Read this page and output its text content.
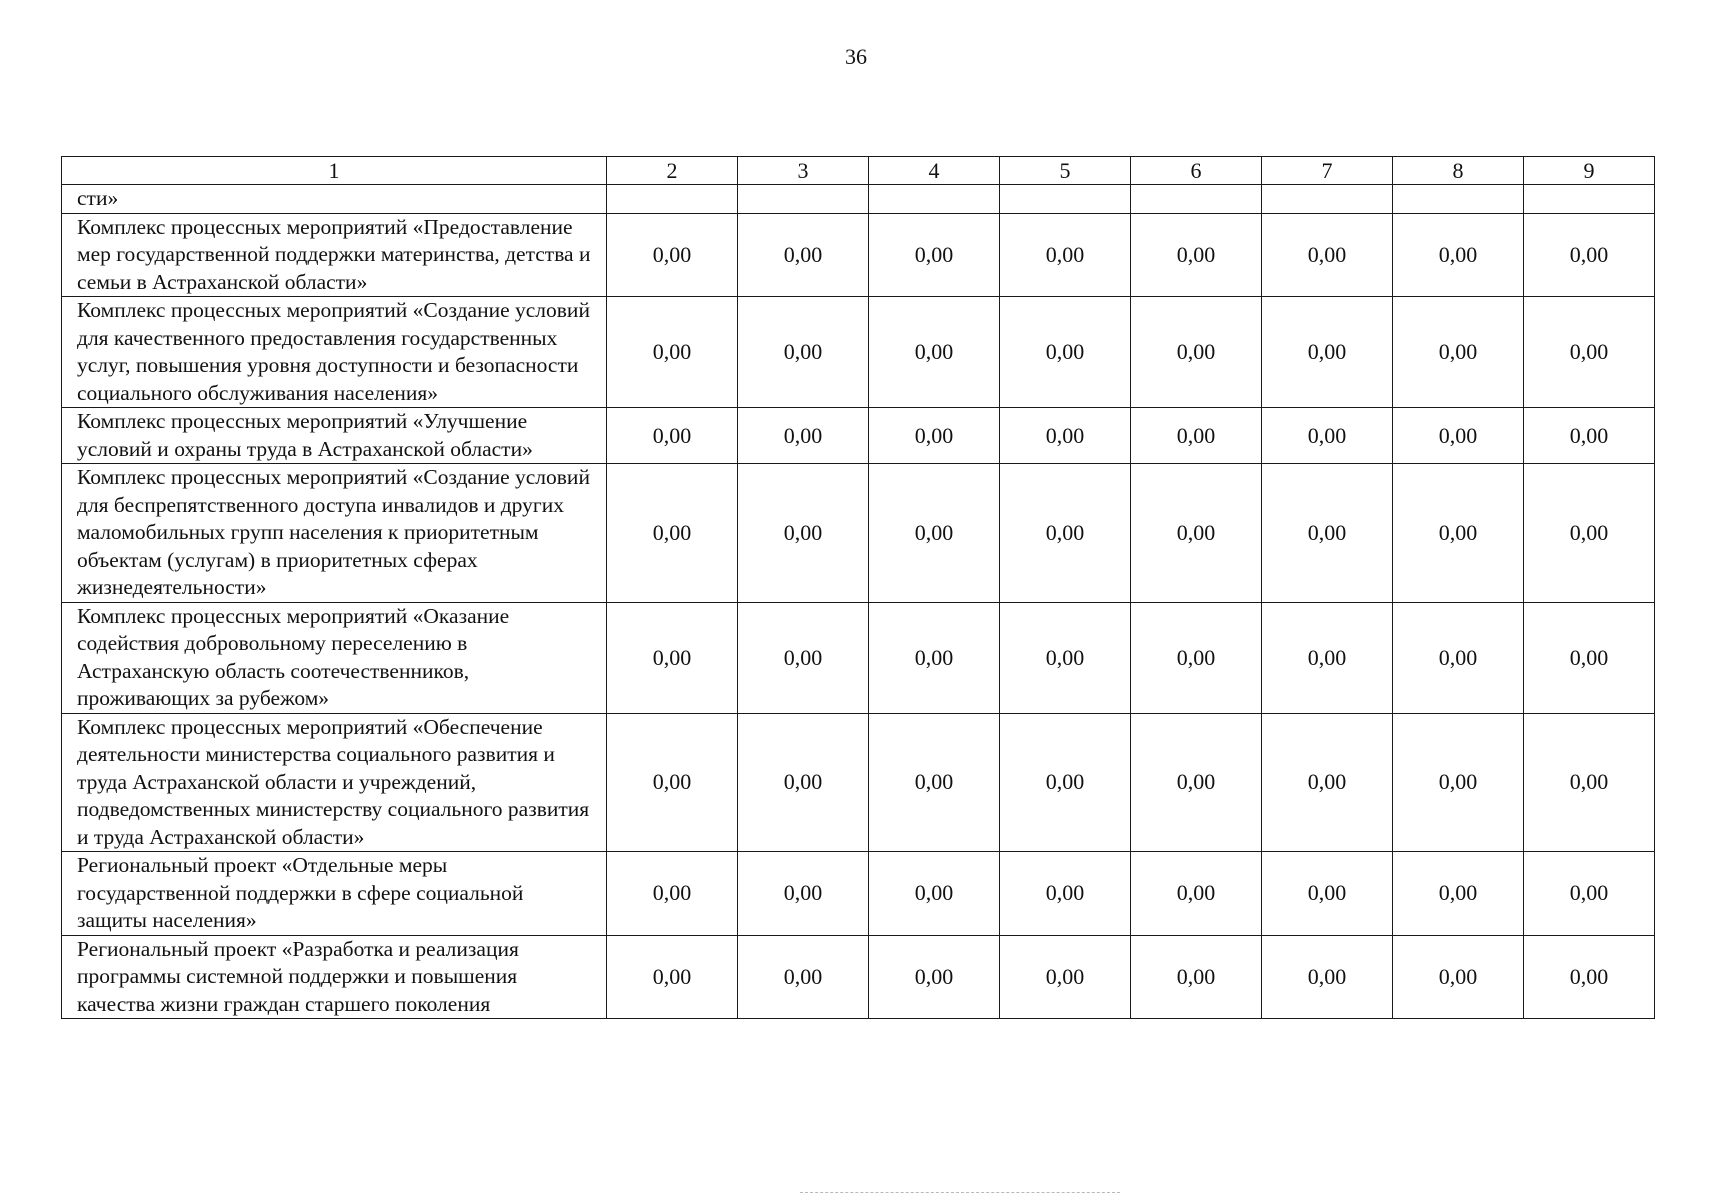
36
1	2	3	4	5	6	7	8	9
сти»								
Комплекс процессных мероприятий «Предоставление мер государственной поддержки материнства, детства и семьи в Астраханской области»	0,00	0,00	0,00	0,00	0,00	0,00	0,00	0,00
Комплекс процессных мероприятий «Создание условий для качественного предоставления государственных услуг, повышения уровня доступности и безопасности социального обслуживания населения»	0,00	0,00	0,00	0,00	0,00	0,00	0,00	0,00
Комплекс процессных мероприятий «Улучшение условий и охраны труда в Астраханской области»	0,00	0,00	0,00	0,00	0,00	0,00	0,00	0,00
Комплекс процессных мероприятий «Создание условий для беспрепятственного доступа инвалидов и других маломобильных групп населения к приоритетным объектам (услугам) в приоритетных сферах жизнедеятельности»	0,00	0,00	0,00	0,00	0,00	0,00	0,00	0,00
Комплекс процессных мероприятий «Оказание содействия добровольному переселению в Астраханскую область соотечественников, проживающих за рубежом»	0,00	0,00	0,00	0,00	0,00	0,00	0,00	0,00
Комплекс процессных мероприятий «Обеспечение деятельности министерства социального развития и труда Астраханской области и учреждений, подведомственных министерству социального развития и труда Астраханской области»	0,00	0,00	0,00	0,00	0,00	0,00	0,00	0,00
Региональный проект «Отдельные меры государственной поддержки в сфере социальной защиты населения»	0,00	0,00	0,00	0,00	0,00	0,00	0,00	0,00
Региональный проект «Разработка и реализация программы системной поддержки и повышения качества жизни граждан старшего поколения	0,00	0,00	0,00	0,00	0,00	0,00	0,00	0,00
